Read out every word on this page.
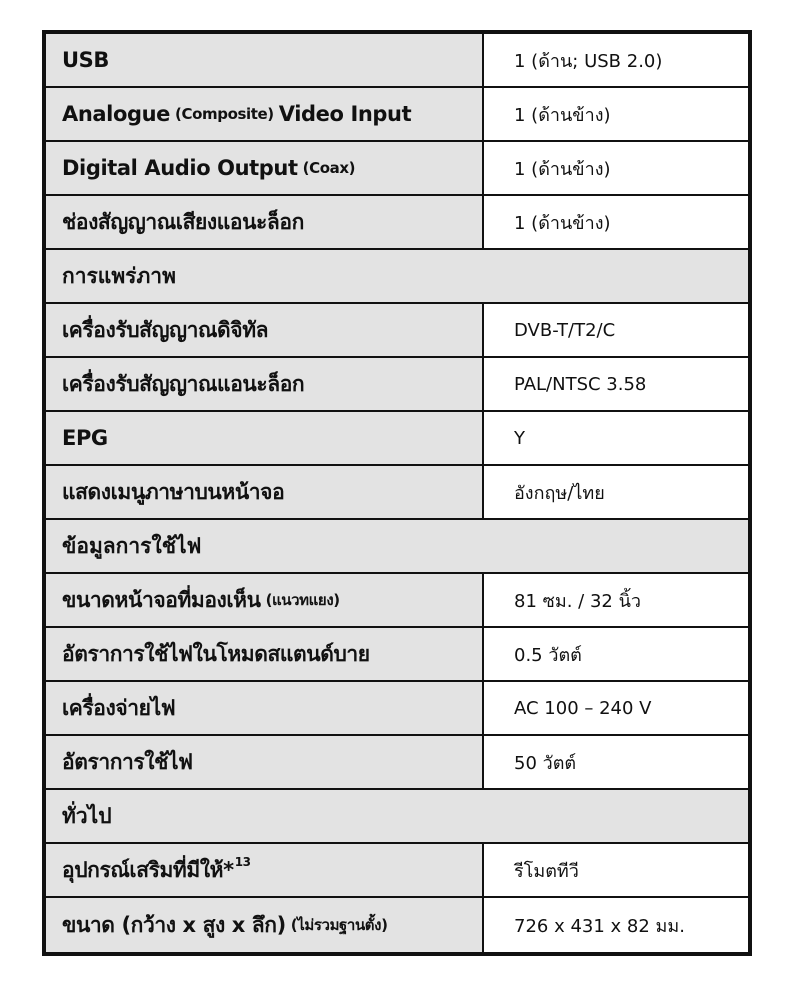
USB	1 (ด้าน; USB 2.0)
Analogue (Composite) Video Input	1 (ด้านข้าง)
Digital Audio Output (Coax)	1 (ด้านข้าง)
ช่องสัญญาณเสียงแอนะล็อก	1 (ด้านข้าง)
การแพร่ภาพ
เครื่องรับสัญญาณดิจิทัล	DVB-T/T2/C
เครื่องรับสัญญาณแอนะล็อก	PAL/NTSC 3.58
EPG	Y
แสดงเมนูภาษาบนหน้าจอ	อังกฤษ/ไทย
ข้อมูลการใช้ไฟ
ขนาดหน้าจอที่มองเห็น (แนวทแยง)	81 ซม. / 32 นิ้ว
อัตราการใช้ไฟในโหมดสแตนด์บาย	0.5 วัตต์
เครื่องจ่ายไฟ	AC 100 – 240 V
อัตราการใช้ไฟ	50 วัตต์
ทั่วไป
อุปกรณ์เสริมที่มีให้* 13	รีโมตทีวี
ขนาด (กว้าง x สูง x ลึก) (ไม่รวมฐานตั้ง)	726 x 431 x 82 มม.
